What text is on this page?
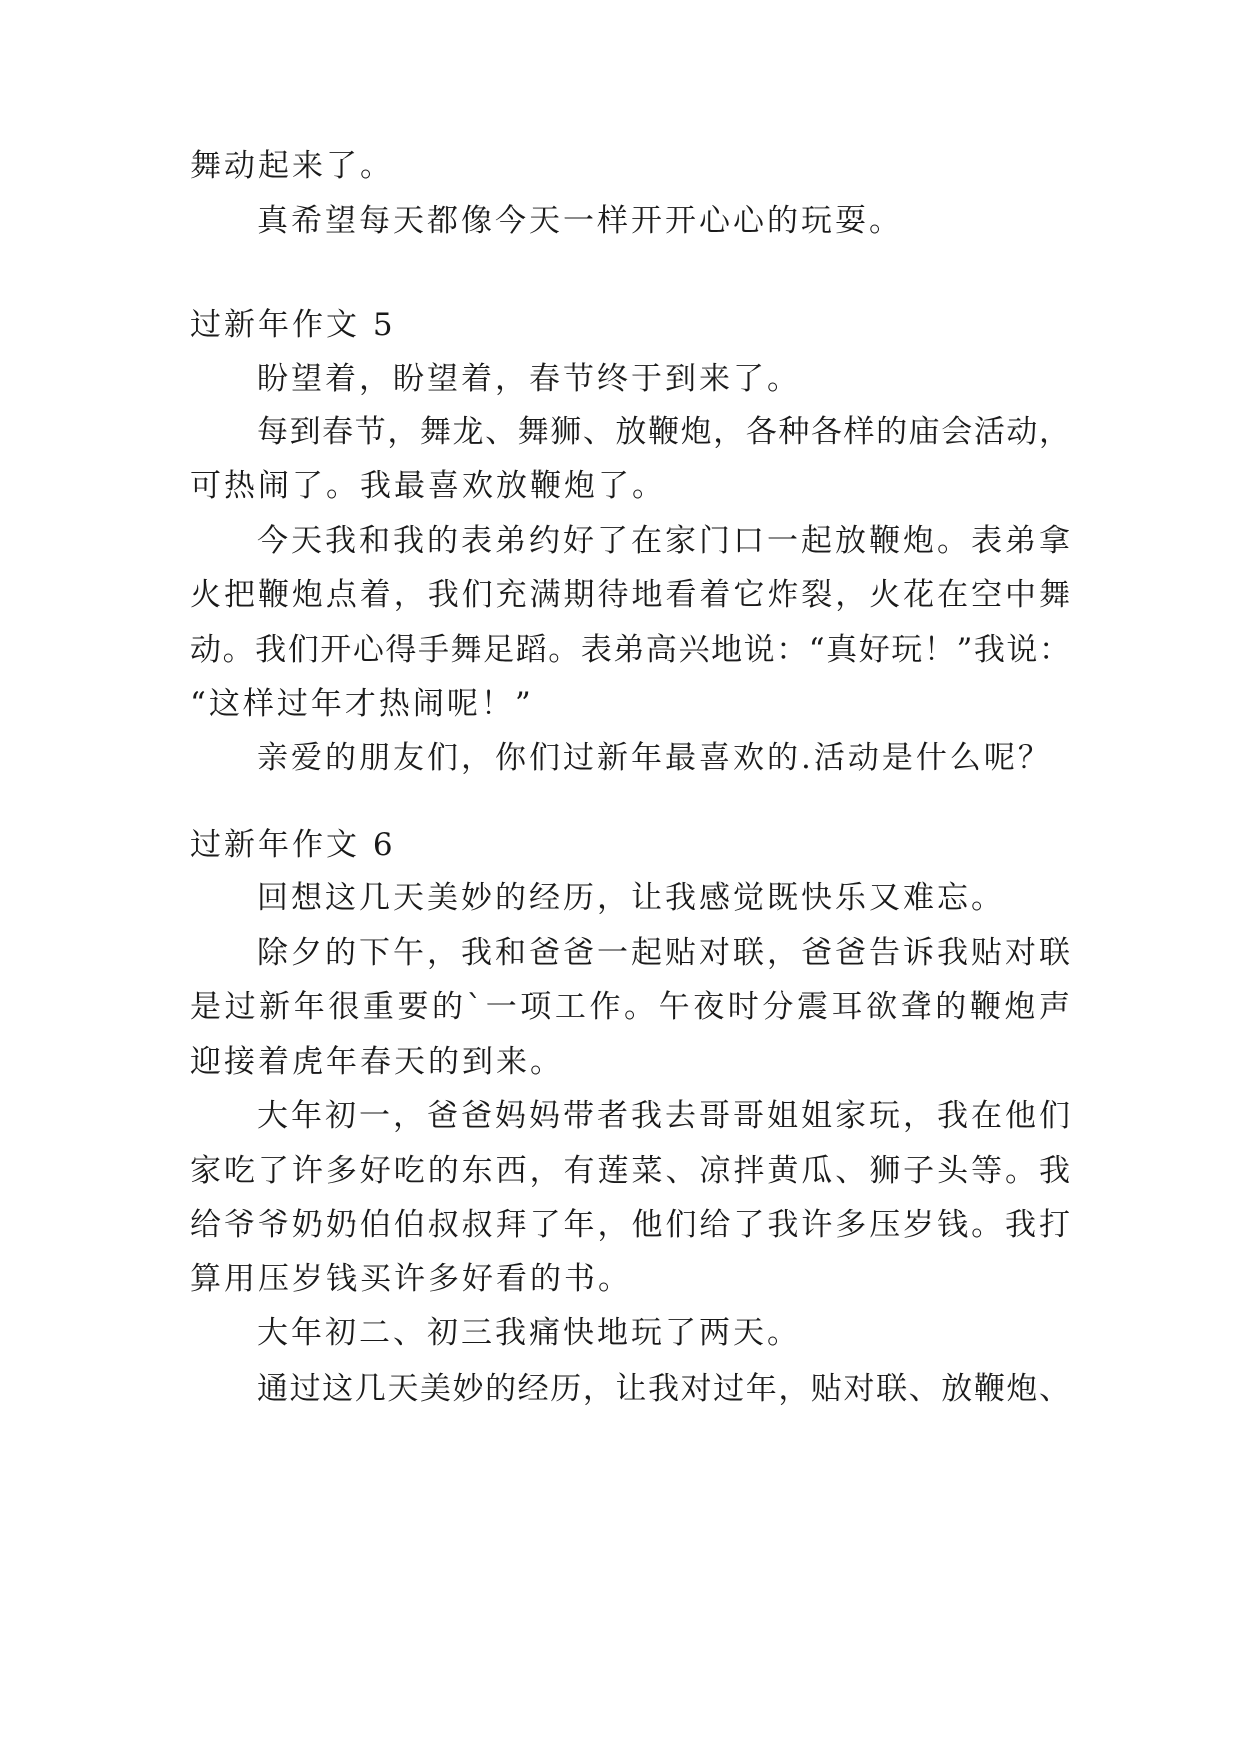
舞动起来了。
真希望每天都像今天一样开开心心的玩耍。
过新年作文 5
盼望着，盼望着，春节终于到来了。
每到春节，舞龙、舞狮、放鞭炮，各种各样的庙会活动，
可热闹了。我最喜欢放鞭炮了。
今天我和我的表弟约好了在家门口一起放鞭炮。表弟拿
火把鞭炮点着，我们充满期待地看着它炸裂，火花在空中舞
动。我们开心得手舞足蹈。表弟高兴地说：“真好玩！”我说：
“这样过年才热闹呢！”
亲爱的朋友们，你们过新年最喜欢的.活动是什么呢？
过新年作文 6
回想这几天美妙的经历，让我感觉既快乐又难忘。
除夕的下午，我和爸爸一起贴对联，爸爸告诉我贴对联
是过新年很重要的`一项工作。午夜时分震耳欲聋的鞭炮声
迎接着虎年春天的到来。
大年初一，爸爸妈妈带者我去哥哥姐姐家玩，我在他们
家吃了许多好吃的东西，有莲菜、凉拌黄瓜、狮子头等。我
给爷爷奶奶伯伯叔叔拜了年，他们给了我许多压岁钱。我打
算用压岁钱买许多好看的书。
大年初二、初三我痛快地玩了两天。
通过这几天美妙的经历，让我对过年，贴对联、放鞭炮、
